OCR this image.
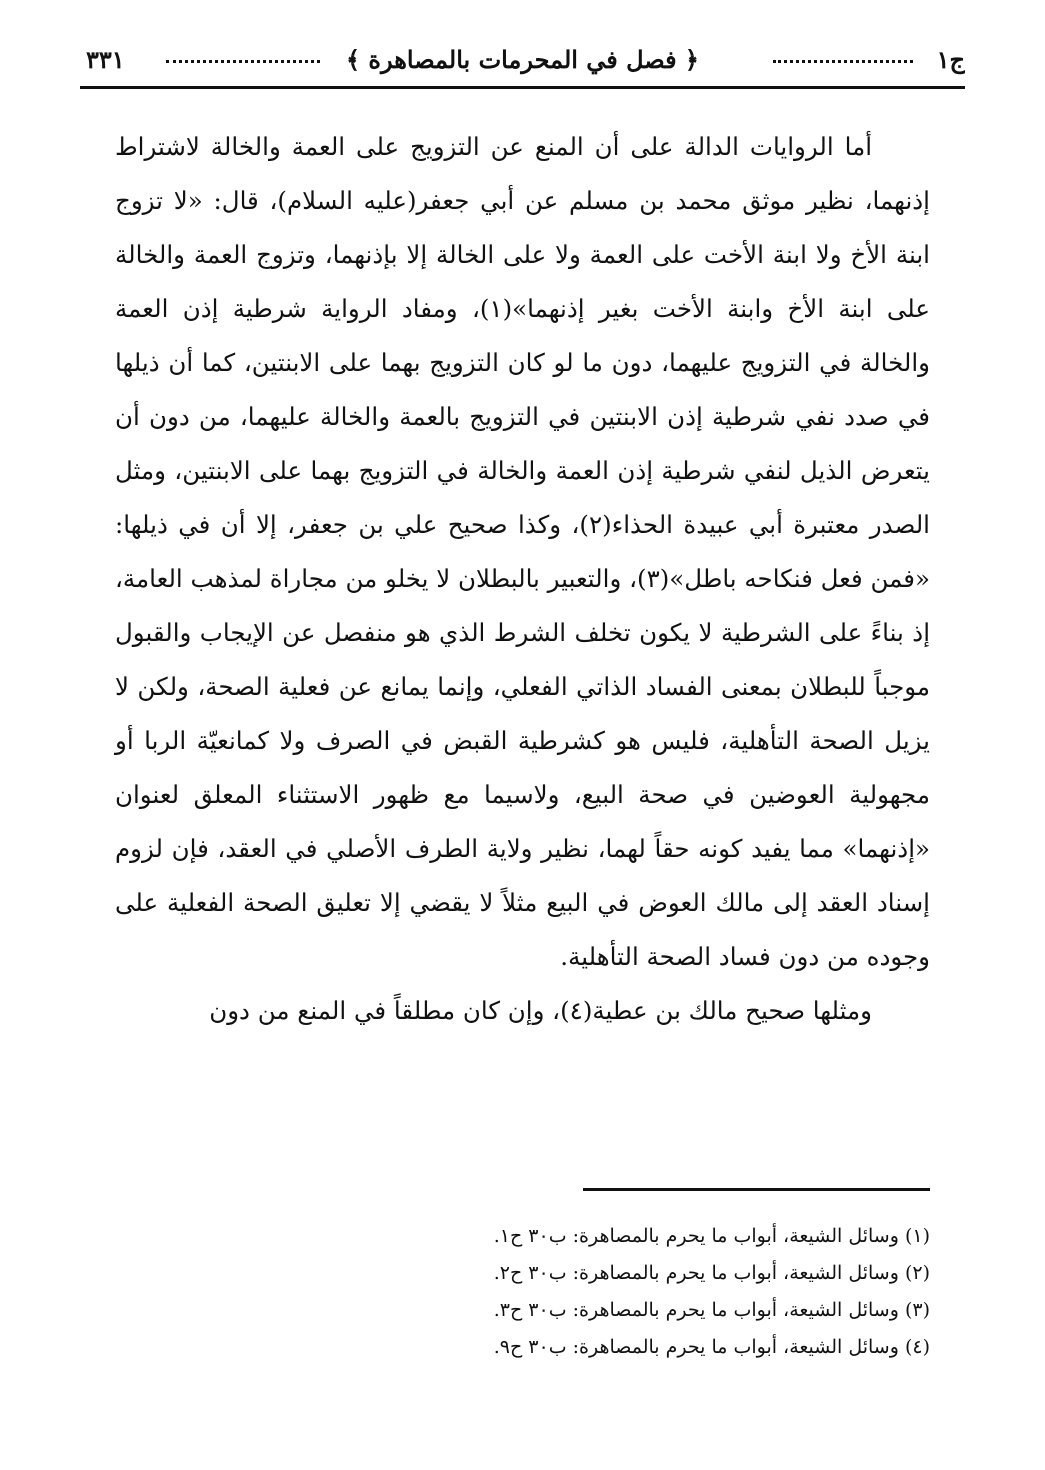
ج١
﴿ فصل في المحرمات بالمصاهرة ﴾
٣٣١

أما الروايات الدالة على أن المنع عن التزويج على العمة والخالة لاشتراط إذنهما، نظير موثق محمد بن مسلم عن أبي جعفر(عليه السلام)، قال: «لا تزوج ابنة الأخ ولا ابنة الأخت على العمة ولا على الخالة إلا بإذنهما، وتزوج العمة والخالة على ابنة الأخ وابنة الأخت بغير إذنهما»(١)، ومفاد الرواية شرطية إذن العمة والخالة في التزويج عليهما، دون ما لو كان التزويج بهما على الابنتين، كما أن ذيلها في صدد نفي شرطية إذن الابنتين في التزويج بالعمة والخالة عليهما، من دون أن يتعرض الذيل لنفي شرطية إذن العمة والخالة في التزويج بهما على الابنتين، ومثل الصدر معتبرة أبي عبيدة الحذاء(٢)، وكذا صحيح علي بن جعفر، إلا أن في ذيلها: «فمن فعل فنكاحه باطل»(٣)، والتعبير بالبطلان لا يخلو من مجاراة لمذهب العامة، إذ بناءً على الشرطية لا يكون تخلف الشرط الذي هو منفصل عن الإيجاب والقبول موجباً للبطلان بمعنى الفساد الذاتي الفعلي، وإنما يمانع عن فعلية الصحة، ولكن لا يزيل الصحة التأهلية، فليس هو كشرطية القبض في الصرف ولا كمانعيّة الربا أو مجهولية العوضين في صحة البيع، ولاسيما مع ظهور الاستثناء المعلق لعنوان «إذنهما» مما يفيد كونه حقاً لهما، نظير ولاية الطرف الأصلي في العقد، فإن لزوم إسناد العقد إلى مالك العوض في البيع مثلاً لا يقضي إلا تعليق الصحة الفعلية على وجوده من دون فساد الصحة التأهلية.

ومثلها صحيح مالك بن عطية(٤)، وإن كان مطلقاً في المنع من دون

(١) وسائل الشيعة، أبواب ما يحرم بالمصاهرة: ب٣٠ ح١.
(٢) وسائل الشيعة، أبواب ما يحرم بالمصاهرة: ب٣٠ ح٢.
(٣) وسائل الشيعة، أبواب ما يحرم بالمصاهرة: ب٣٠ ح٣.
(٤) وسائل الشيعة، أبواب ما يحرم بالمصاهرة: ب٣٠ ح٩.
